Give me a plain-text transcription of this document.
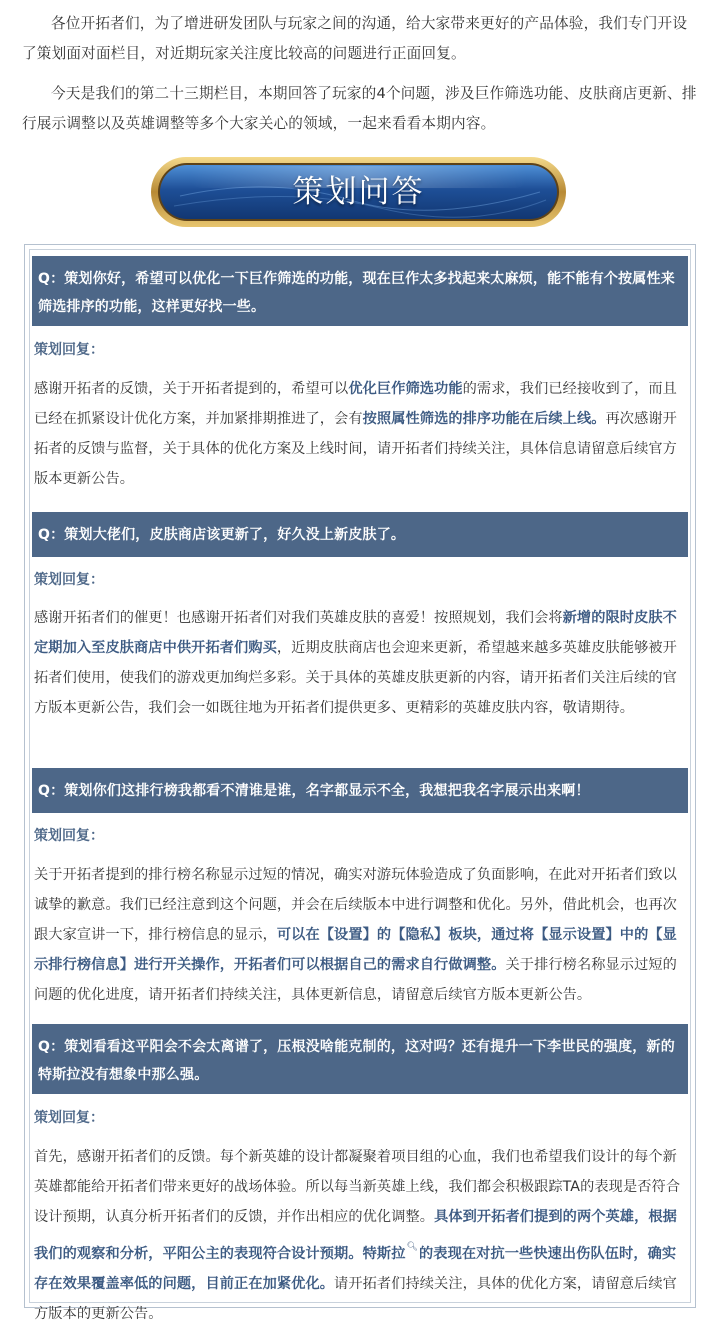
各位开拓者们，为了增进研发团队与玩家之间的沟通，给大家带来更好的产品体验，我们专门开设了策划面对面栏目，对近期玩家关注度比较高的问题进行正面回复。

今天是我们的第二十三期栏目，本期回答了玩家的4个问题，涉及巨作筛选功能、皮肤商店更新、排行展示调整以及英雄调整等多个大家关心的领域，一起来看看本期内容。

策划问答
Q：策划你好，希望可以优化一下巨作筛选的功能，现在巨作太多找起来太麻烦，能不能有个按属性来筛选排序的功能，这样更好找一些。
策划回复：

感谢开拓者的反馈，关于开拓者提到的，希望可以优化巨作筛选功能的需求，我们已经接收到了，而且已经在抓紧设计优化方案，并加紧排期推进了，会有按照属性筛选的排序功能在后续上线。再次感谢开拓者的反馈与监督，关于具体的优化方案及上线时间，请开拓者们持续关注，具体信息请留意后续官方版本更新公告。

Q：策划大佬们，皮肤商店该更新了，好久没上新皮肤了。
策划回复：

感谢开拓者们的催更！也感谢开拓者们对我们英雄皮肤的喜爱！按照规划，我们会将新增的限时皮肤不定期加入至皮肤商店中供开拓者们购买，近期皮肤商店也会迎来更新，希望越来越多英雄皮肤能够被开拓者们使用，使我们的游戏更加绚烂多彩。关于具体的英雄皮肤更新的内容，请开拓者们关注后续的官方版本更新公告，我们会一如既往地为开拓者们提供更多、更精彩的英雄皮肤内容，敬请期待。

Q：策划你们这排行榜我都看不清谁是谁，名字都显示不全，我想把我名字展示出来啊！
策划回复：

关于开拓者提到的排行榜名称显示过短的情况，确实对游玩体验造成了负面影响，在此对开拓者们致以诚挚的歉意。我们已经注意到这个问题，并会在后续版本中进行调整和优化。另外，借此机会，也再次跟大家宣讲一下，排行榜信息的显示，可以在【设置】的【隐私】板块，通过将【显示设置】中的【显示排行榜信息】进行开关操作，开拓者们可以根据自己的需求自行做调整。关于排行榜名称显示过短的问题的优化进度，请开拓者们持续关注，具体更新信息，请留意后续官方版本更新公告。

Q：策划看看这平阳会不会太离谱了，压根没啥能克制的，这对吗？还有提升一下李世民的强度，新的特斯拉没有想象中那么强。
策划回复：

首先，感谢开拓者们的反馈。每个新英雄的设计都凝聚着项目组的心血，我们也希望我们设计的每个新英雄都能给开拓者们带来更好的战场体验。所以每当新英雄上线，我们都会积极跟踪TA的表现是否符合设计预期，认真分析开拓者们的反馈，并作出相应的优化调整。具体到开拓者们提到的两个英雄，根据我们的观察和分析，平阳公主的表现符合设计预期。特斯拉🔍︎的表现在对抗一些快速出伤队伍时，确实存在效果覆盖率低的问题，目前正在加紧优化。请开拓者们持续关注，具体的优化方案，请留意后续官方版本的更新公告。
